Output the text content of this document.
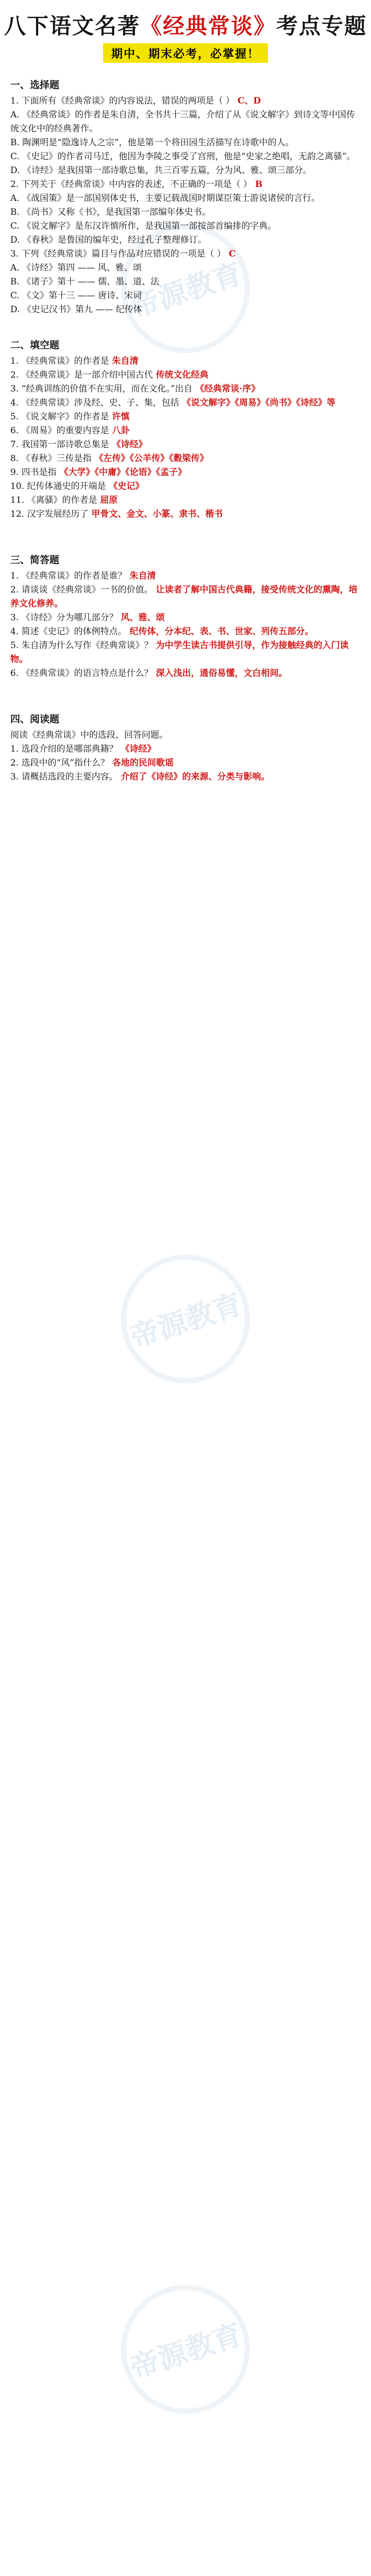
帝源教育
帝源教育
帝源教育
八下语文名著《经典常谈》考点专题
期中、期末必考，必掌握！
一、选择题

1. 下面所有《经典常谈》的内容说法，错误的两项是（ ） C、D

A. 《经典常谈》的作者是朱自清，全书共十三篇，介绍了从《说文解字》到诗文等中国传统文化中的经典著作。

B. 陶渊明是“隐逸诗人之宗”，他是第一个将田园生活描写在诗歌中的人。

C. 《史记》的作者司马迁，他因为李陵之事受了宫刑，他是“史家之绝唱，无韵之离骚”。

D. 《诗经》是我国第一部诗歌总集，共三百零五篇，分为风、雅、颂三部分。

2. 下列关于《经典常谈》中内容的表述，不正确的一项是（ ） B

A. 《战国策》是一部国别体史书，主要记载战国时期谋臣策士游说诸侯的言行。

B. 《尚书》又称《书》，是我国第一部编年体史书。

C. 《说文解字》是东汉许慎所作，是我国第一部按部首编排的字典。

D. 《春秋》是鲁国的编年史，经过孔子整理修订。

3. 下列《经典常谈》篇目与作品对应错误的一项是（ ） C

A. 《诗经》第四 —— 风、雅、颂

B. 《诸子》第十 —— 儒、墨、道、法

C. 《文》第十三 —— 唐诗、宋词

D. 《史记汉书》第九 —— 纪传体

二、填空题

1. 《经典常谈》的作者是 朱自清

2. 《经典常谈》是一部介绍中国古代 传统文化经典

3. “经典训练的价值不在实用，而在文化。”出自 《经典常谈·序》

4. 《经典常谈》涉及经、史、子、集，包括 《说文解字》《周易》《尚书》《诗经》等

5. 《说文解字》的作者是 许慎

6. 《周易》的重要内容是 八卦

7. 我国第一部诗歌总集是 《诗经》

8. 《春秋》三传是指 《左传》《公羊传》《穀梁传》

9. 四书是指 《大学》《中庸》《论语》《孟子》

10. 纪传体通史的开端是 《史记》

11. 《离骚》的作者是 屈原

12. 汉字发展经历了 甲骨文、金文、小篆、隶书、楷书

三、简答题

1. 《经典常谈》的作者是谁？ 朱自清

2. 请谈谈《经典常谈》一书的价值。 让读者了解中国古代典籍，接受传统文化的熏陶，培养文化修养。

3. 《诗经》分为哪几部分？ 风、雅、颂

4. 简述《史记》的体例特点。 纪传体，分本纪、表、书、世家、列传五部分。

5. 朱自清为什么写作《经典常谈》？ 为中学生读古书提供引导，作为接触经典的入门读物。

6. 《经典常谈》的语言特点是什么？ 深入浅出，通俗易懂，文白相间。

四、阅读题

阅读《经典常谈》中的选段，回答问题。

1. 选段介绍的是哪部典籍？ 《诗经》

2. 选段中的“风”指什么？ 各地的民间歌谣

3. 请概括选段的主要内容。 介绍了《诗经》的来源、分类与影响。
